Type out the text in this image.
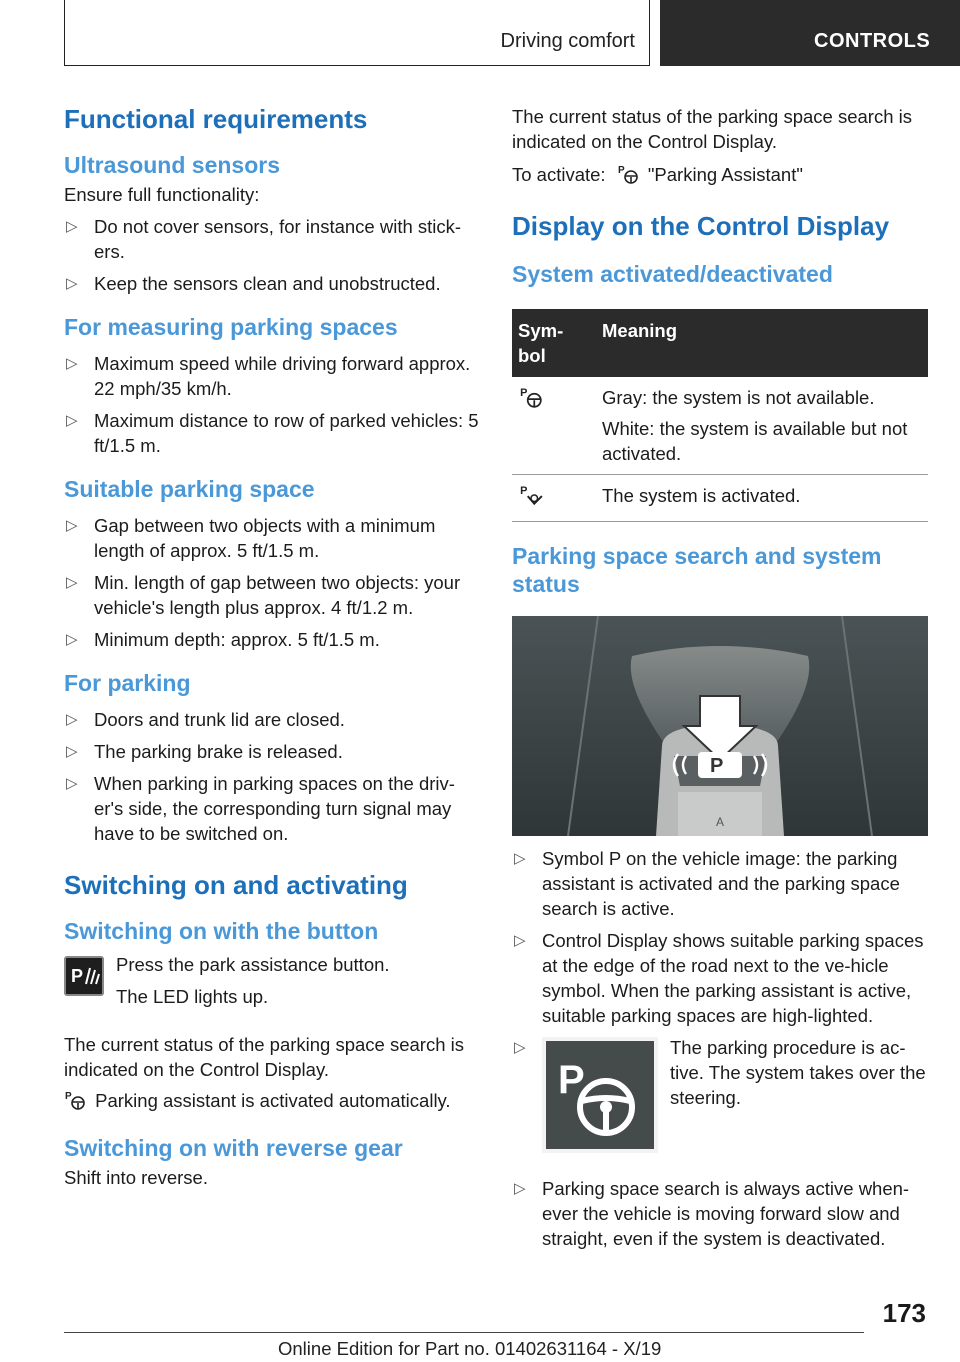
Driving comfort	CONTROLS
Functional requirements
Ultrasound sensors

Ensure full functionality:

▷ Do not cover sensors, for instance with stick-ers.
▷ Keep the sensors clean and unobstructed.
For measuring parking spaces
▷ Maximum speed while driving forward approx. 22 mph/35 km/h.
▷ Maximum distance to row of parked vehicles: 5 ft/1.5 m.
Suitable parking space
▷ Gap between two objects with a minimum length of approx. 5 ft/1.5 m.
▷ Min. length of gap between two objects: your vehicle's length plus approx. 4 ft/1.2 m.
▷ Minimum depth: approx. 5 ft/1.5 m.
For parking
▷ Doors and trunk lid are closed.
▷ The parking brake is released.
▷ When parking in parking spaces on the driv-er's side, the corresponding turn signal may have to be switched on.
Switching on and activating
Switching on with the button
P

Press the park assistance button.

The LED lights up.

The current status of the parking space search is indicated on the Control Display.

P Parking assistant is activated automatically.

Switching on with reverse gear

Shift into reverse.

The current status of the parking space search is indicated on the Control Display.

To activate: P "Parking Assistant"

Display on the Control Display
System activated/deactivated
Sym-bol	Meaning

P	Gray: the system is not available.

White: the system is available but not activated.

P	The system is activated.
Parking space search and system status
A
P
▷ Symbol P on the vehicle image: the parking assistant is activated and the parking space search is active.
▷ Control Display shows suitable parking spaces at the edge of the road next to the ve-hicle symbol. When the parking assistant is active, suitable parking spaces are high-lighted.
▷
P

The parking procedure is ac-tive. The system takes over the steering.

▷ Parking space search is always active when-ever the vehicle is moving forward slow and straight, even if the system is deactivated.
173
Online Edition for Part no. 01402631164 - X/19
